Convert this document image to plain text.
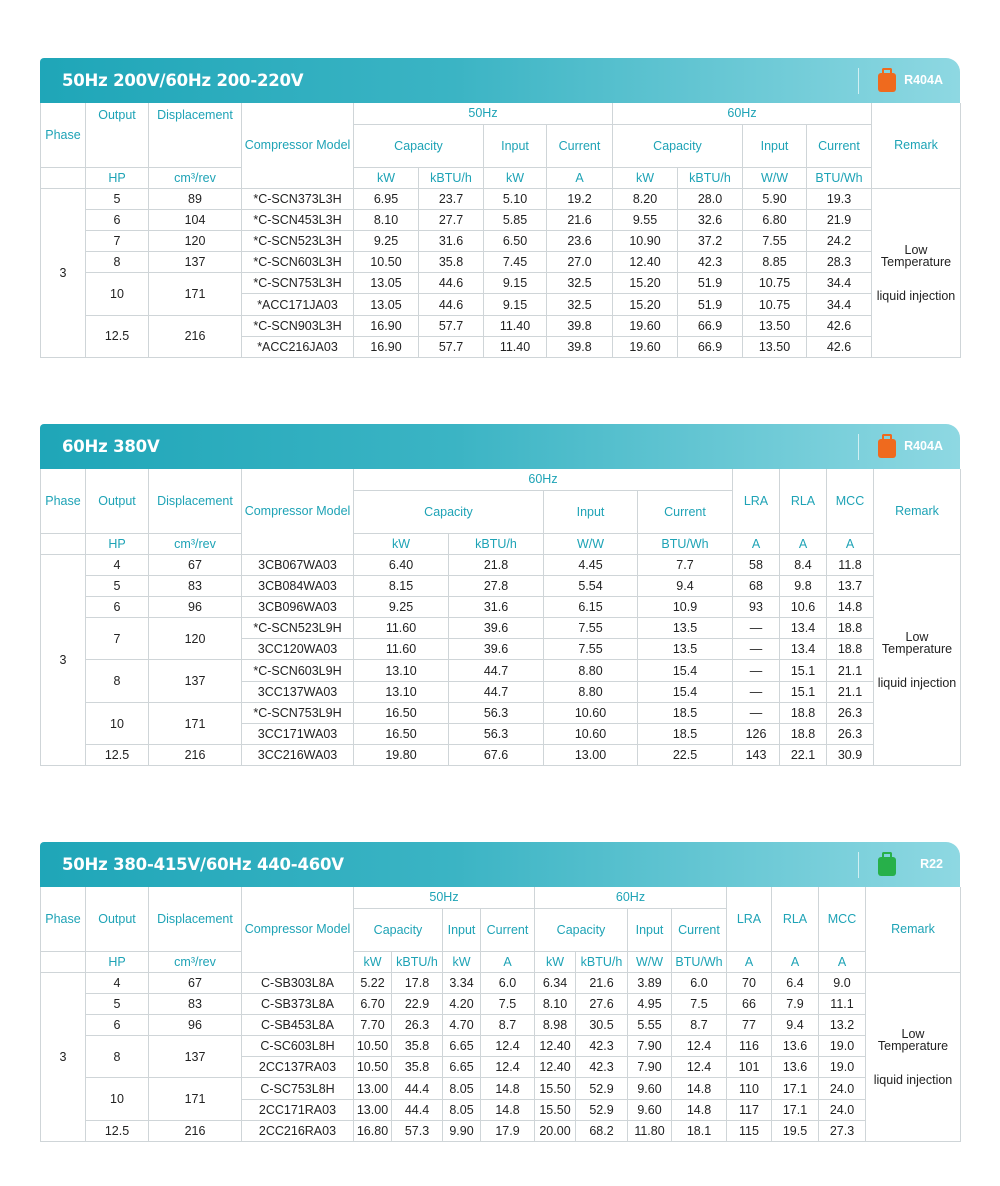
50Hz 200V/60Hz 200-220V	R404A
Phase	Output	Displacement	Compressor Model	50Hz				60Hz				Remark
				Capacity		Input	Current	Capacity		Input	Current	
	HP	cm³/rev		kW	kBTU/h	kW	A	kW	kBTU/h	W/W	BTU/Wh	
3	5	89	*C-SCN373L3H	6.95	23.7	5.10	19.2	8.20	28.0	5.90	19.3	Low
Temperature
liquid injection

	6	104	*C-SCN453L3H	8.10	27.7	5.85	21.6	9.55	32.6	6.80	21.9	
	7	120	*C-SCN523L3H	9.25	31.6	6.50	23.6	10.90	37.2	7.55	24.2	
	8	137	*C-SCN603L3H	10.50	35.8	7.45	27.0	12.40	42.3	8.85	28.3	
	10	171	*C-SCN753L3H	13.05	44.6	9.15	32.5	15.20	51.9	10.75	34.4	
			*ACC171JA03	13.05	44.6	9.15	32.5	15.20	51.9	10.75	34.4	
	12.5	216	*C-SCN903L3H	16.90	57.7	11.40	39.8	19.60	66.9	13.50	42.6	
			*ACC216JA03	16.90	57.7	11.40	39.8	19.60	66.9	13.50	42.6	
60Hz 380V	R404A
Phase	Output	Displacement	Compressor Model	60Hz				LRA	RLA	MCC	Remark
				Capacity		Input	Current				
	HP	cm³/rev		kW	kBTU/h	W/W	BTU/Wh	A	A	A	
3	4	67	3CB067WA03	6.40	21.8	4.45	7.7	58	8.4	11.8	Low
Temperature
liquid injection

	5	83	3CB084WA03	8.15	27.8	5.54	9.4	68	9.8	13.7	
	6	96	3CB096WA03	9.25	31.6	6.15	10.9	93	10.6	14.8	
	7	120	*C-SCN523L9H	11.60	39.6	7.55	13.5	—	13.4	18.8	
			3CC120WA03	11.60	39.6	7.55	13.5	—	13.4	18.8	
	8	137	*C-SCN603L9H	13.10	44.7	8.80	15.4	—	15.1	21.1	
			3CC137WA03	13.10	44.7	8.80	15.4	—	15.1	21.1	
	10	171	*C-SCN753L9H	16.50	56.3	10.60	18.5	—	18.8	26.3	
			3CC171WA03	16.50	56.3	10.60	18.5	126	18.8	26.3	
	12.5	216	3CC216WA03	19.80	67.6	13.00	22.5	143	22.1	30.9	
50Hz 380-415V/60Hz 440-460V	R22
Phase	Output	Displacement	Compressor Model	50Hz				60Hz				LRA	RLA	MCC	Remark
				Capacity		Input	Current	Capacity		Input	Current				
	HP	cm³/rev		kW	kBTU/h	kW	A	kW	kBTU/h	W/W	BTU/Wh	A	A	A	
3	4	67	C-SB303L8A	5.22	17.8	3.34	6.0	6.34	21.6	3.89	6.0	70	6.4	9.0	Low
Temperature
liquid injection

	5	83	C-SB373L8A	6.70	22.9	4.20	7.5	8.10	27.6	4.95	7.5	66	7.9	11.1	
	6	96	C-SB453L8A	7.70	26.3	4.70	8.7	8.98	30.5	5.55	8.7	77	9.4	13.2	
	8	137	C-SC603L8H	10.50	35.8	6.65	12.4	12.40	42.3	7.90	12.4	116	13.6	19.0	
			2CC137RA03	10.50	35.8	6.65	12.4	12.40	42.3	7.90	12.4	101	13.6	19.0	
	10	171	C-SC753L8H	13.00	44.4	8.05	14.8	15.50	52.9	9.60	14.8	110	17.1	24.0	
			2CC171RA03	13.00	44.4	8.05	14.8	15.50	52.9	9.60	14.8	117	17.1	24.0	
	12.5	216	2CC216RA03	16.80	57.3	9.90	17.9	20.00	68.2	11.80	18.1	115	19.5	27.3	
